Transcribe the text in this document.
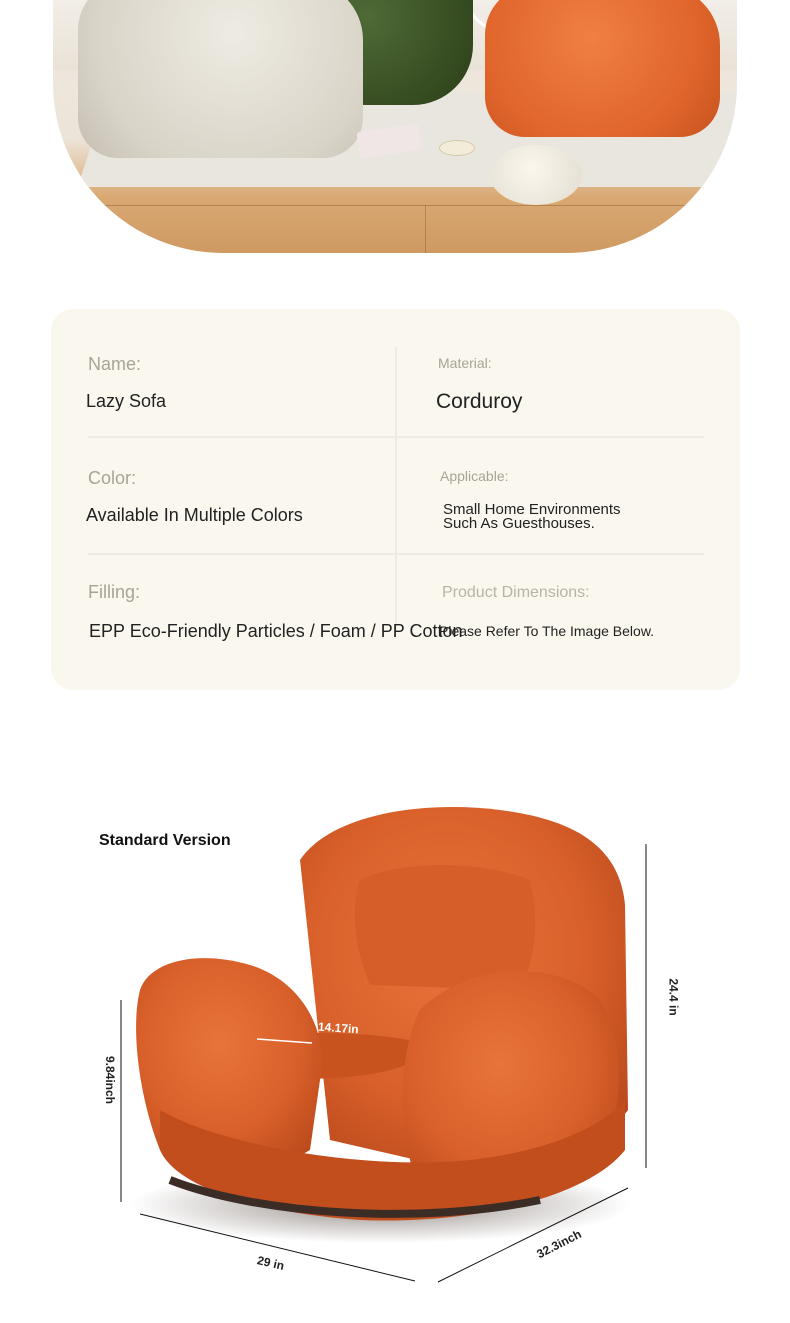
Name:
Lazy Sofa
Material:
Corduroy
Color:
Available In Multiple Colors
Applicable:
Small Home Environments
Such As Guesthouses.
Filling:
EPP Eco-Friendly Particles / Foam / PP Cotton
Product Dimensions:
Please Refer To The Image Below.
Standard Version
14.17in
9.84inch
24.4 in
29 in
32.3inch
